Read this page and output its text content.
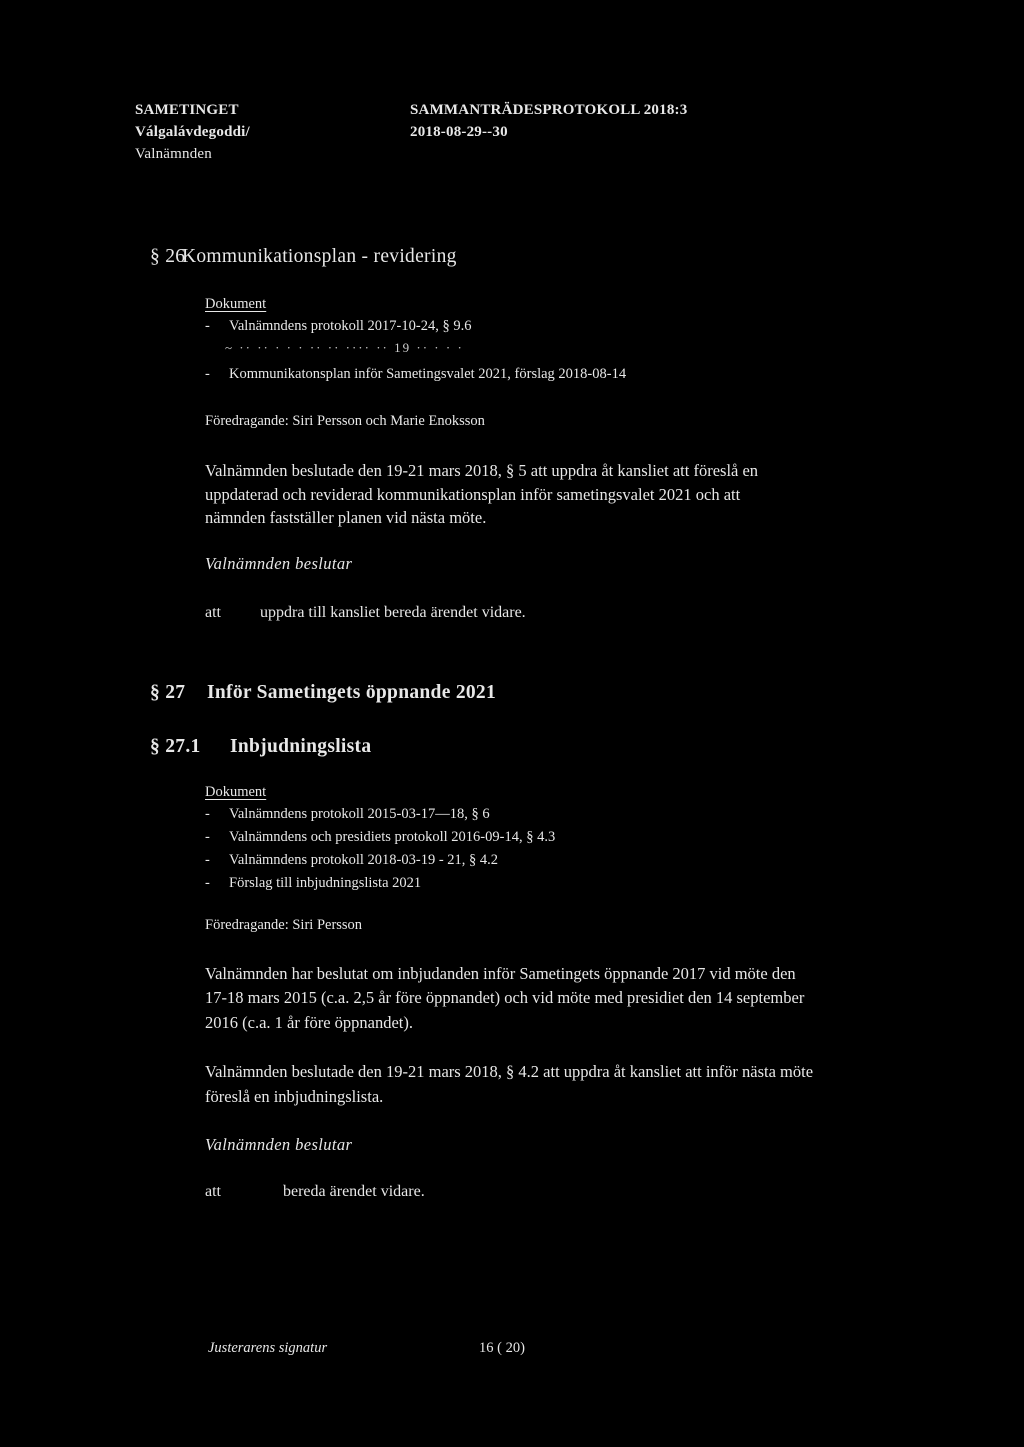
SAMETINGET	SAMMANTRÄDESPROTOKOLL 2018:3
Válgalávdegoddi/	2018-08-29--30
Valnämnden
§ 26
Kommunikationsplan - revidering
Dokument
- Valnämndens protokoll 2017-10-24, § 9.6
~ ·· ·· · · · ·· ·· ···· ·· 19 ·· · · ·
- Kommunikatonsplan inför Sametingsvalet 2021, förslag 2018-08-14
Föredragande: Siri Persson och Marie Enoksson
Valnämnden beslutade den 19-21 mars 2018, § 5 att uppdra åt kansliet att föreslå en
uppdaterad och reviderad kommunikationsplan inför sametingsvalet 2021 och att
nämnden fastställer planen vid nästa möte.
Valnämnden beslutar
att uppdra till kansliet bereda ärendet vidare.
§ 27 Inför Sametingets öppnande 2021
§ 27.1 Inbjudningslista
Dokument
- Valnämndens protokoll 2015-03-17—18, § 6
- Valnämndens och presidiets protokoll 2016-09-14, § 4.3
- Valnämndens protokoll 2018-03-19 - 21, § 4.2
- Förslag till inbjudningslista 2021
Föredragande: Siri Persson
Valnämnden har beslutat om inbjudanden inför Sametingets öppnande 2017 vid möte den
17-18 mars 2015 (c.a. 2,5 år före öppnandet) och vid möte med presidiet den 14 september
2016 (c.a. 1 år före öppnandet).
Valnämnden beslutade den 19-21 mars 2018, § 4.2 att uppdra åt kansliet att inför nästa möte
föreslå en inbjudningslista.
Valnämnden beslutar
att	bereda ärendet vidare.
Justerarens signatur	16 ( 20)
